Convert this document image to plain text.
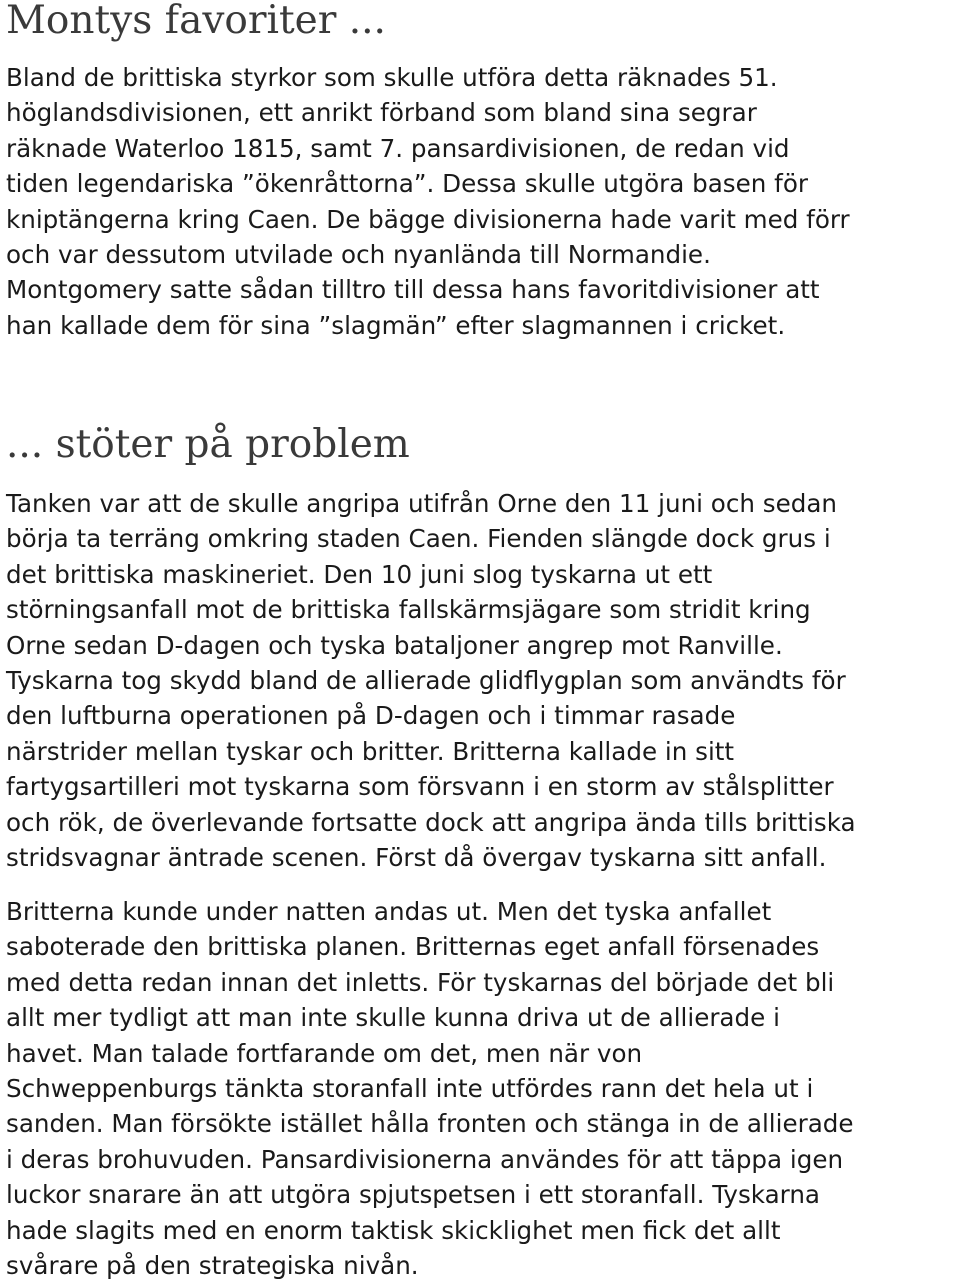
Montys favoriter ...

Bland de brittiska styrkor som skulle utföra detta räknades 51.
höglandsdivisionen, ett anrikt förband som bland sina segrar
räknade Waterloo 1815, samt 7. pansardivisionen, de redan vid
tiden legendariska ”ökenråttorna”. Dessa skulle utgöra basen för
kniptängerna kring Caen. De bägge divisionerna hade varit med förr
och var dessutom utvilade och nyanlända till Normandie.
Montgomery satte sådan tilltro till dessa hans favoritdivisioner att
han kallade dem för sina ”slagmän” efter slagmannen i cricket.

... stöter på problem

Tanken var att de skulle angripa utifrån Orne den 11 juni och sedan
börja ta terräng omkring staden Caen. Fienden slängde dock grus i
det brittiska maskineriet. Den 10 juni slog tyskarna ut ett
störningsanfall mot de brittiska fallskärmsjägare som stridit kring
Orne sedan D-dagen och tyska bataljoner angrep mot Ranville.
Tyskarna tog skydd bland de allierade glidflygplan som användts för
den luftburna operationen på D-dagen och i timmar rasade
närstrider mellan tyskar och britter. Britterna kallade in sitt
fartygsartilleri mot tyskarna som försvann i en storm av stålsplitter
och rök, de överlevande fortsatte dock att angripa ända tills brittiska
stridsvagnar äntrade scenen. Först då övergav tyskarna sitt anfall.

Britterna kunde under natten andas ut. Men det tyska anfallet
saboterade den brittiska planen. Britternas eget anfall försenades
med detta redan innan det inletts. För tyskarnas del började det bli
allt mer tydligt att man inte skulle kunna driva ut de allierade i
havet. Man talade fortfarande om det, men när von
Schweppenburgs tänkta storanfall inte utfördes rann det hela ut i
sanden. Man försökte istället hålla fronten och stänga in de allierade
i deras brohuvuden. Pansardivisionerna användes för att täppa igen
luckor snarare än att utgöra spjutspetsen i ett storanfall. Tyskarna
hade slagits med en enorm taktisk skicklighet men fick det allt
svårare på den strategiska nivån.
